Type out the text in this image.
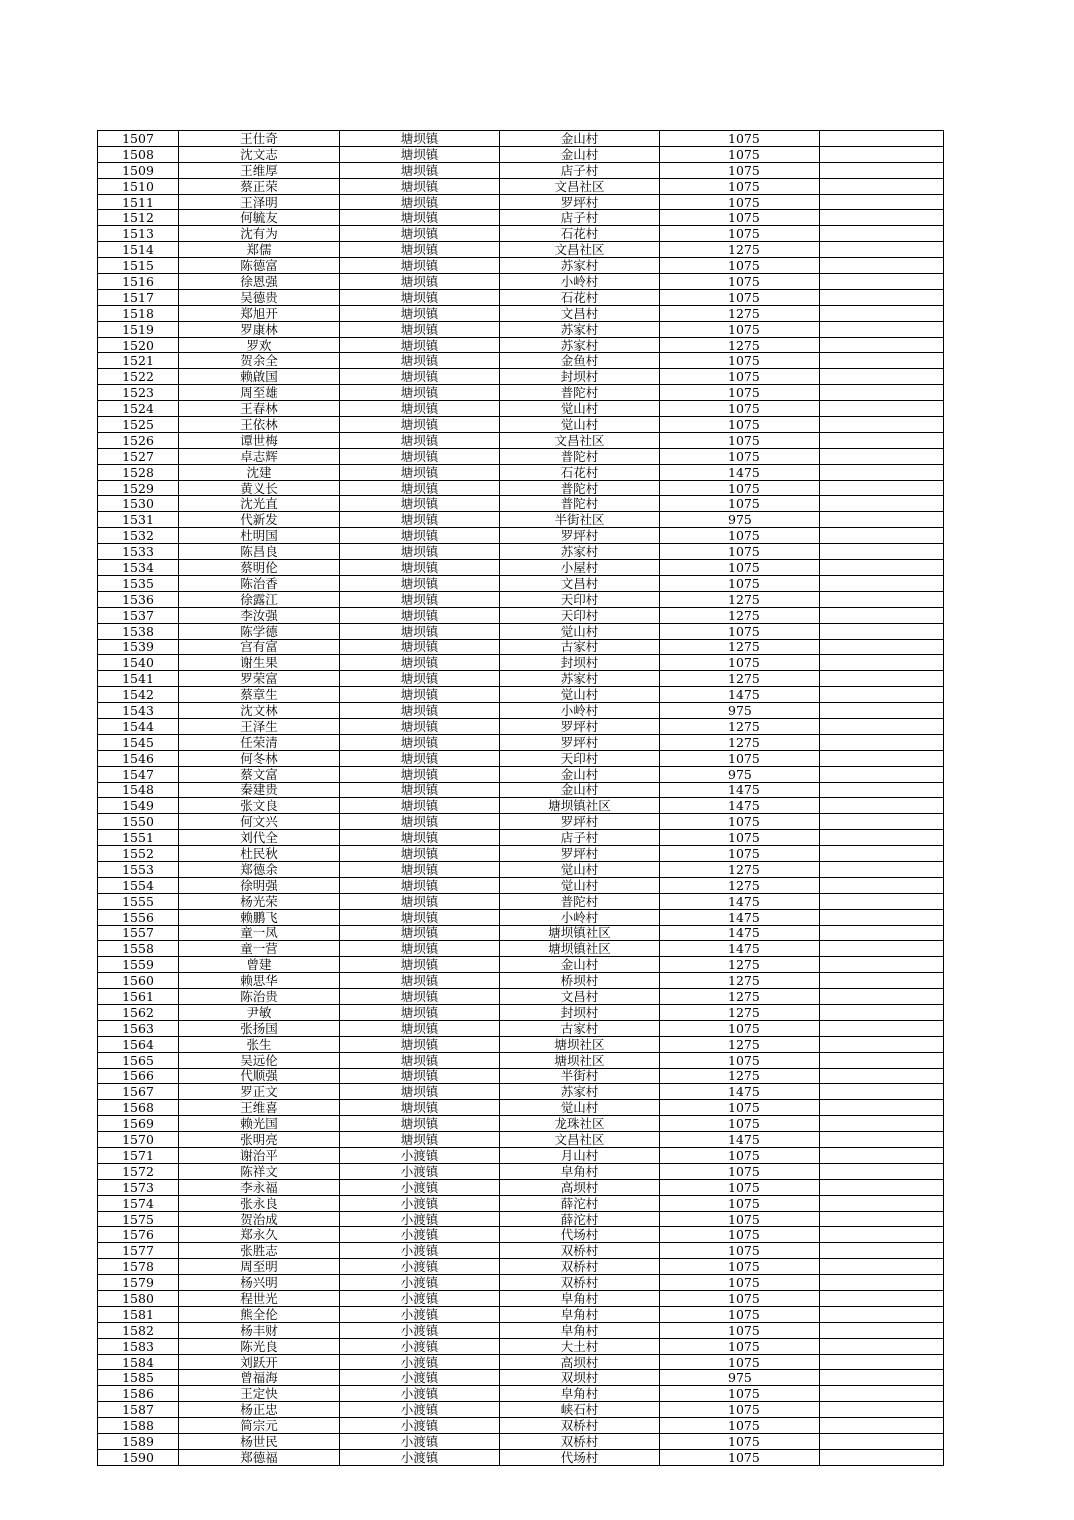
1507	王仕奇	塘坝镇	金山村	1075	
1508	沈文志	塘坝镇	金山村	1075	
1509	王维厚	塘坝镇	店子村	1075	
1510	蔡正荣	塘坝镇	文昌社区	1075	
1511	王泽明	塘坝镇	罗坪村	1075	
1512	何毓友	塘坝镇	店子村	1075	
1513	沈有为	塘坝镇	石花村	1075	
1514	郑儒	塘坝镇	文昌社区	1275	
1515	陈德富	塘坝镇	苏家村	1075	
1516	徐恩强	塘坝镇	小岭村	1075	
1517	吴德贵	塘坝镇	石花村	1075	
1518	郑旭开	塘坝镇	文昌村	1275	
1519	罗康林	塘坝镇	苏家村	1075	
1520	罗欢	塘坝镇	苏家村	1275	
1521	贺余全	塘坝镇	金鱼村	1075	
1522	赖啟国	塘坝镇	封坝村	1075	
1523	周至雄	塘坝镇	普陀村	1075	
1524	王春林	塘坝镇	觉山村	1075	
1525	王依林	塘坝镇	觉山村	1075	
1526	谭世梅	塘坝镇	文昌社区	1075	
1527	卓志辉	塘坝镇	普陀村	1075	
1528	沈建	塘坝镇	石花村	1475	
1529	黄义长	塘坝镇	普陀村	1075	
1530	沈光直	塘坝镇	普陀村	1075	
1531	代新发	塘坝镇	半街社区	975	
1532	杜明国	塘坝镇	罗坪村	1075	
1533	陈昌良	塘坝镇	苏家村	1075	
1534	蔡明伦	塘坝镇	小屋村	1075	
1535	陈治香	塘坝镇	文昌村	1075	
1536	徐露江	塘坝镇	天印村	1275	
1537	李汝强	塘坝镇	天印村	1275	
1538	陈学德	塘坝镇	觉山村	1075	
1539	宫有富	塘坝镇	古家村	1275	
1540	谢生果	塘坝镇	封坝村	1075	
1541	罗荣富	塘坝镇	苏家村	1275	
1542	蔡章生	塘坝镇	觉山村	1475	
1543	沈文林	塘坝镇	小岭村	975	
1544	王泽生	塘坝镇	罗坪村	1275	
1545	任荣清	塘坝镇	罗坪村	1275	
1546	何冬林	塘坝镇	天印村	1075	
1547	蔡文富	塘坝镇	金山村	975	
1548	秦建贵	塘坝镇	金山村	1475	
1549	张文良	塘坝镇	塘坝镇社区	1475	
1550	何文兴	塘坝镇	罗坪村	1075	
1551	刘代全	塘坝镇	店子村	1075	
1552	杜民秋	塘坝镇	罗坪村	1075	
1553	郑德余	塘坝镇	觉山村	1275	
1554	徐明强	塘坝镇	觉山村	1275	
1555	杨光荣	塘坝镇	普陀村	1475	
1556	赖鹏飞	塘坝镇	小岭村	1475	
1557	童一凤	塘坝镇	塘坝镇社区	1475	
1558	童一营	塘坝镇	塘坝镇社区	1475	
1559	曾建	塘坝镇	金山村	1275	
1560	赖思华	塘坝镇	桥坝村	1275	
1561	陈治贵	塘坝镇	文昌村	1275	
1562	尹敏	塘坝镇	封坝村	1275	
1563	张扬国	塘坝镇	古家村	1075	
1564	张生	塘坝镇	塘坝社区	1275	
1565	吴远伦	塘坝镇	塘坝社区	1075	
1566	代顺强	塘坝镇	半街村	1275	
1567	罗正文	塘坝镇	苏家村	1475	
1568	王维喜	塘坝镇	觉山村	1075	
1569	赖光国	塘坝镇	龙珠社区	1075	
1570	张明亮	塘坝镇	文昌社区	1475	
1571	谢治平	小渡镇	月山村	1075	
1572	陈祥文	小渡镇	皁角村	1075	
1573	李永福	小渡镇	高坝村	1075	
1574	张永良	小渡镇	薛沱村	1075	
1575	贺治成	小渡镇	薛沱村	1075	
1576	郑永久	小渡镇	代场村	1075	
1577	张胜志	小渡镇	双桥村	1075	
1578	周至明	小渡镇	双桥村	1075	
1579	杨兴明	小渡镇	双桥村	1075	
1580	程世光	小渡镇	皁角村	1075	
1581	熊全伦	小渡镇	皁角村	1075	
1582	杨丰财	小渡镇	皁角村	1075	
1583	陈光良	小渡镇	大土村	1075	
1584	刘跃开	小渡镇	高坝村	1075	
1585	曾福海	小渡镇	双坝村	975	
1586	王定快	小渡镇	皁角村	1075	
1587	杨正忠	小渡镇	峡石村	1075	
1588	简宗元	小渡镇	双桥村	1075	
1589	杨世民	小渡镇	双桥村	1075	
1590	郑德福	小渡镇	代场村	1075	
